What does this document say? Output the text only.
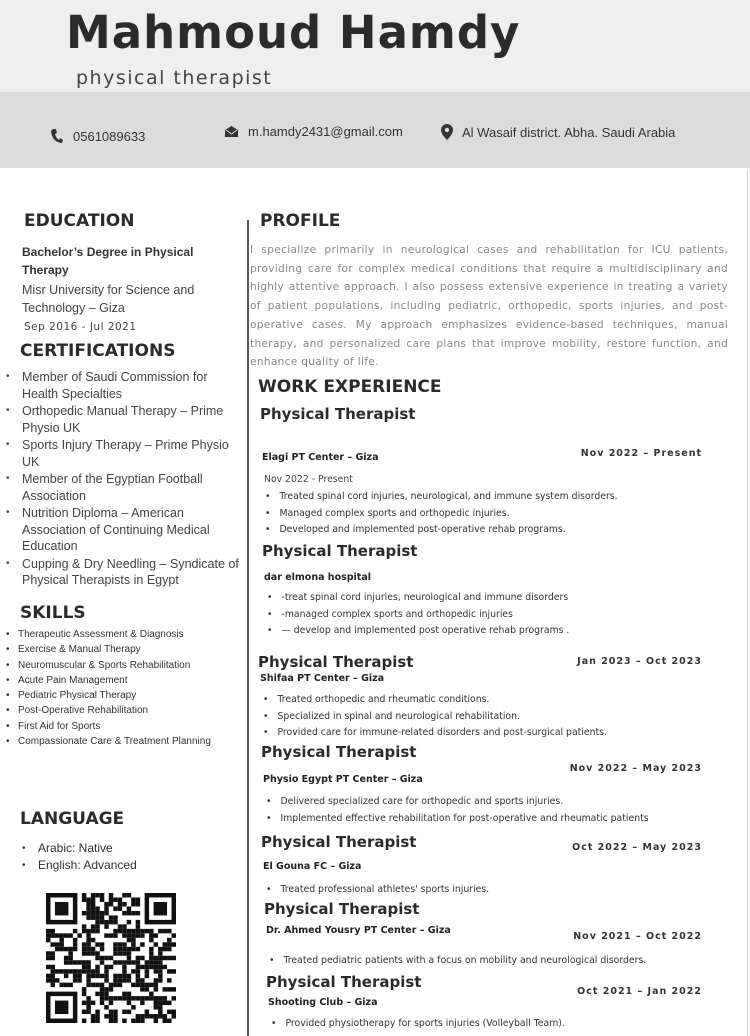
Mahmoud Hamdy
physical therapist
0561089633	m.hamdy2431@gmail.com	Al Wasaif district. Abha. Saudi Arabia
EDUCATION
Bachelor’s Degree in Physical Therapy
Misr University for Science and Technology – Giza
Sep 2016 - Jul 2021
CERTIFICATIONS
• Member of Saudi Commission for Health Specialties
• Orthopedic Manual Therapy – Prime Physio UK
• Sports Injury Therapy – Prime Physio UK
• Member of the Egyptian Football Association
• Nutrition Diploma – American Association of Continuing Medical Education
• Cupping & Dry Needling – Syndicate of Physical Therapists in Egypt
SKILLS
• Therapeutic Assessment & Diagnosis
• Exercise & Manual Therapy
• Neuromuscular & Sports Rehabilitation
• Acute Pain Management
• Pediatric Physical Therapy
• Post-Operative Rehabilitation
• First Aid for Sports
• Compassionate Care & Treatment Planning
LANGUAGE
• Arabic: Native
• English: Advanced
PROFILE
I specialize primarily in neurological cases and rehabilitation for ICU patients, providing care for complex medical conditions that require a multidisciplinary and highly attentive approach. I also possess extensive experience in treating a variety of patient populations, including pediatric, orthopedic, sports injuries, and post-operative cases. My approach emphasizes evidence-based techniques, manual therapy, and personalized care plans that improve mobility, restore function, and enhance quality of life.
WORK EXPERIENCE
Physical Therapist
Elagi PT Center – Giza	Nov 2022 – Present
Nov 2022 - Present
• Treated spinal cord injuries, neurological, and immune system disorders.
• Managed complex sports and orthopedic injuries.
• Developed and implemented post-operative rehab programs.
Physical Therapist
dar elmona hospital
• -treat spinal cord injuries, neurological and immune disorders
• -managed complex sports and orthopedic injuries
• — develop and implemented post operative rehab programs .
Physical Therapist
Shifaa PT Center – Giza
Jan 2023 – Oct 2023
• Treated orthopedic and rheumatic conditions.
• Specialized in spinal and neurological rehabilitation.
• Provided care for immune-related disorders and post-surgical patients.
Physical Therapist
Physio Egypt PT Center – Giza
Nov 2022 – May 2023
• Delivered specialized care for orthopedic and sports injuries.
• Implemented effective rehabilitation for post-operative and rheumatic patients
Physical Therapist
El Gouna FC – Giza
Oct 2022 – May 2023
• Treated professional athletes' sports injuries.
Physical Therapist
Dr. Ahmed Yousry PT Center – Giza
Nov 2021 – Oct 2022
• Treated pediatric patients with a focus on mobility and neurological disorders.
Physical Therapist
Shooting Club – Giza
Oct 2021 – Jan 2022
• Provided physiotherapy for sports injuries (Volleyball Team).
